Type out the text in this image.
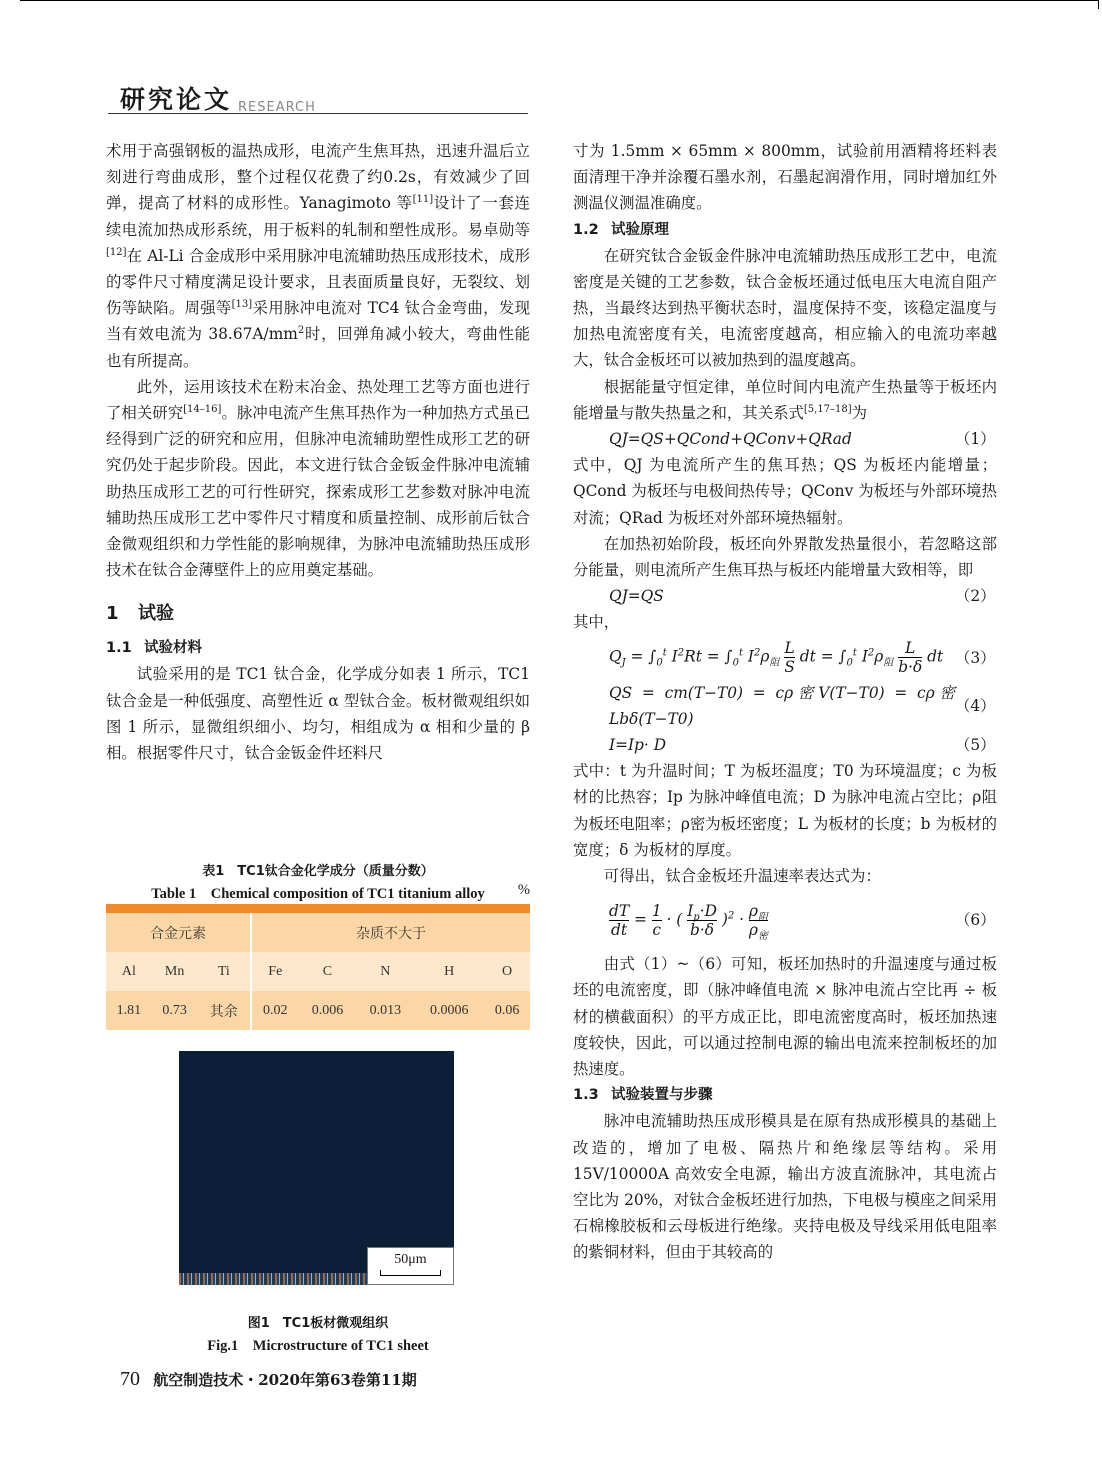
研究论文 RESEARCH

术用于高强钢板的温热成形，电流产生焦耳热，迅速升温后立刻进行弯曲成形，整个过程仅花费了约0.2s，有效减少了回弹，提高了材料的成形性。Yanagimoto 等[11]设计了一套连续电流加热成形系统，用于板料的轧制和塑性成形。易卓勋等[12]在 Al-Li 合金成形中采用脉冲电流辅助热压成形技术，成形的零件尺寸精度满足设计要求，且表面质量良好，无裂纹、划伤等缺陷。周强等[13]采用脉冲电流对 TC4 钛合金弯曲，发现当有效电流为 $38.67A/mm^2$时，回弹角减小较大，弯曲性能也有所提高。

此外，运用该技术在粉末冶金、热处理工艺等方面也进行了相关研究[14–16]。脉冲电流产生焦耳热作为一种加热方式虽已经得到广泛的研究和应用，但脉冲电流辅助塑性成形工艺的研究仍处于起步阶段。因此，本文进行钛合金钣金件脉冲电流辅助热压成形工艺的可行性研究，探索成形工艺参数对脉冲电流辅助热压成形工艺中零件尺寸精度和质量控制、成形前后钛合金微观组织和力学性能的影响规律，为脉冲电流辅助热压成形技术在钛合金薄壁件上的应用奠定基础。

1 试验
1.1 试验材料

试验采用的是 TC1 钛合金，化学成分如表 1 所示，TC1 钛合金是一种低强度、高塑性近 α 型钛合金。板材微观组织如图 1 所示，显微组织细小、均匀，相组成为 α 相和少量的 β 相。根据零件尺寸，钛合金钣金件坯料尺

表1　TC1钛合金化学成分（质量分数）
Table 1　Chemical composition of TC1 titanium alloy %
合金元素			杂质不大于				
Al	Mn	Ti	Fe	C	N	H	O
1.81	0.73	其余	0.02	0.006	0.013	0.0006	0.06
50μm
图1　TC1板材微观组织
Fig.1　Microstructure of TC1 sheet

寸为 1.5mm × 65mm × 800mm，试验前用酒精将坯料表面清理干净并涂覆石墨水剂，石墨起润滑作用，同时增加红外测温仪测温准确度。

1.2 试验原理

在研究钛合金钣金件脉冲电流辅助热压成形工艺中，电流密度是关键的工艺参数，钛合金板坯通过低电压大电流自阻产热，当最终达到热平衡状态时，温度保持不变，该稳定温度与加热电流密度有关，电流密度越高，相应输入的电流功率越大，钛合金板坯可以被加热到的温度越高。

根据能量守恒定律，单位时间内电流产生热量等于板坯内能增量与散失热量之和，其关系式[5,17–18]为

QJ=QS+QCond+QConv+QRad	（1）

式中，QJ 为电流所产生的焦耳热；QS 为板坯内能增量；QCond 为板坯与电极间热传导；QConv 为板坯与外部环境热对流；QRad 为板坯对外部环境热辐射。

在加热初始阶段，板坯向外界散发热量很小，若忽略这部分能量，则电流所产生焦耳热与板坯内能增量大致相等，即

QJ=QS	（2）

其中，

$Q_J = \int_0^t$ $I^2Rt = \int_0^t$ $I^2\rho_阻 \frac{L}{S}$ dt = $\int_0^t$ $I^2\rho_阻 \frac{L}{b\cdot\delta}$ dt （3）
QS = cm(T−T0) = cρ密V(T−T0) = cρ密Lbδ(T−T0)
（4）
I=Ip· D	（5）

式中：t 为升温时间；T 为板坯温度；T0 为环境温度；c 为板材的比热容；Ip 为脉冲峰值电流；D 为脉冲电流占空比；ρ阻为板坯电阻率；ρ密为板坯密度；L 为板材的长度；b 为板材的宽度；δ 为板材的厚度。

可得出，钛合金板坯升温速率表达式为：

$\frac{dT}{dt} = \frac{1}{c}$ · ( $\frac{I_p\cdot D}{b\cdot\delta} )^2 \cdot \frac{\rho_阻}{\rho_密}$	（6）

由式（1）~（6）可知，板坯加热时的升温速度与通过板坯的电流密度，即（脉冲峰值电流 × 脉冲电流占空比再 ÷ 板材的横截面积）的平方成正比，即电流密度高时，板坯加热速度较快，因此，可以通过控制电源的输出电流来控制板坯的加热速度。

1.3 试验装置与步骤

脉冲电流辅助热压成形模具是在原有热成形模具的基础上改造的，增加了电极、隔热片和绝缘层等结构。采用 15V/10000A 高效安全电源，输出方波直流脉冲，其电流占空比为 20%，对钛合金板坯进行加热，下电极与模座之间采用石棉橡胶板和云母板进行绝缘。夹持电极及导线采用低电阻率的紫铜材料，但由于其较高的

70 航空制造技术・2020年第63卷第11期
